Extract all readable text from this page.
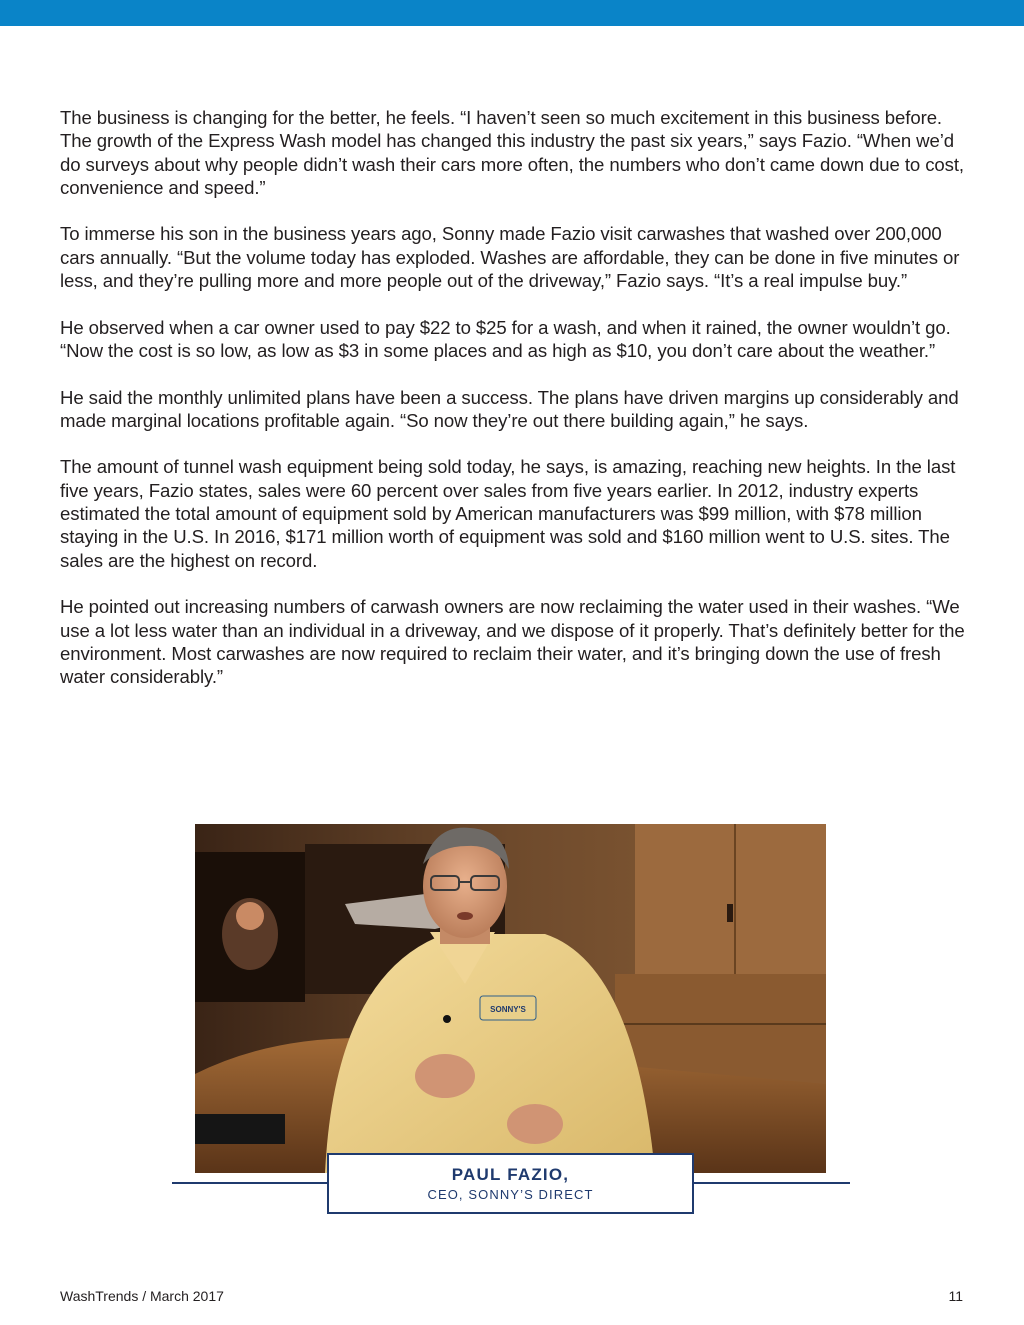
The business is changing for the better, he feels. “I haven’t seen so much excitement in this business before. The growth of the Express Wash model has changed this industry the past six years,” says Fazio. “When we’d do surveys about why people didn’t wash their cars more often, the numbers who don’t came down due to cost, convenience and speed.”

To immerse his son in the business years ago, Sonny made Fazio visit carwashes that washed over 200,000 cars annually. “But the volume today has exploded. Washes are affordable, they can be done in five minutes or less, and they’re pulling more and more people out of the driveway,” Fazio says. “It’s a real impulse buy.”

He observed when a car owner used to pay $22 to $25 for a wash, and when it rained, the owner wouldn’t go. “Now the cost is so low, as low as $3 in some places and as high as $10, you don’t care about the weather.”

He said the monthly unlimited plans have been a success. The plans have driven margins up considerably and made marginal locations profitable again. “So now they’re out there building again,” he says.

The amount of tunnel wash equipment being sold today, he says, is amazing, reaching new heights. In the last five years, Fazio states, sales were 60 percent over sales from five years earlier. In 2012, industry experts estimated the total amount of equipment sold by American manufacturers was $99 million, with $78 million staying in the U.S. In 2016, $171 million worth of equipment was sold and $160 million went to U.S. sites. The sales are the highest on record.

He pointed out increasing numbers of carwash owners are now reclaiming the water used in their washes. “We use a lot less water than an individual in a driveway, and we dispose of it properly. That’s definitely better for the environment. Most carwashes are now required to reclaim their water, and it’s bringing down the use of fresh water considerably.”

SONNY'S
PAUL FAZIO,
CEO, SONNY’S DIRECT
WashTrends / March 2017	11
